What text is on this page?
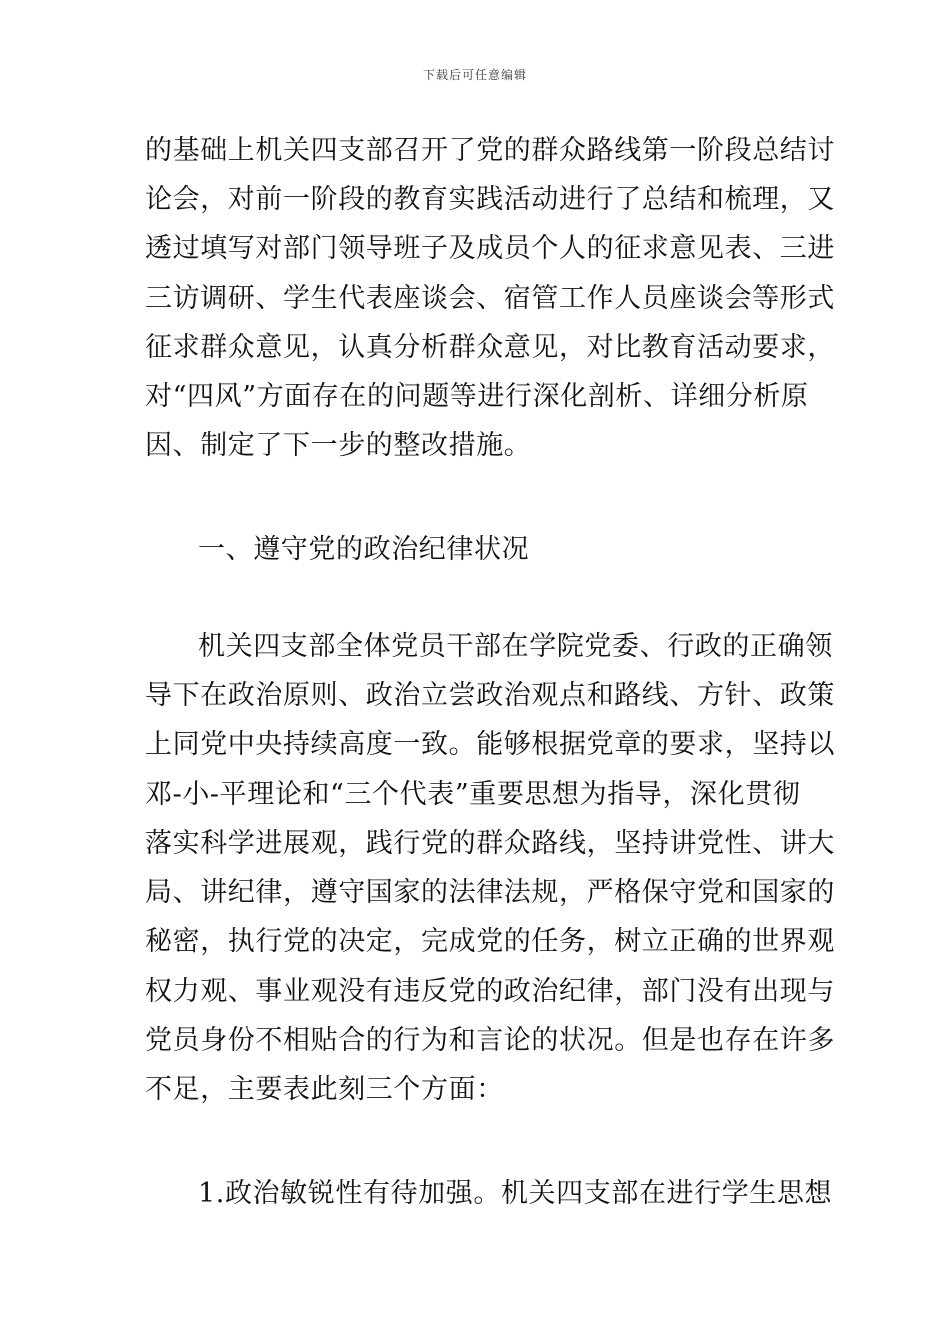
下载后可任意编辑
的基础上机关四支部召开了党的群众路线第一阶段总结讨
论会，对前一阶段的教育实践活动进行了总结和梳理，又
透过填写对部门领导班子及成员个人的征求意见表、三进
三访调研、学生代表座谈会、宿管工作人员座谈会等形式
征求群众意见，认真分析群众意见，对比教育活动要求，
对“四风”方面存在的问题等进行深化剖析、详细分析原
因、制定了下一步的整改措施。
一、遵守党的政治纪律状况
机关四支部全体党员干部在学院党委、行政的正确领
导下在政治原则、政治立尝政治观点和路线、方针、政策
上同党中央持续高度一致。能够根据党章的要求，坚持以
邓-小-平理论和“三个代表”重要思想为指导，深化贯彻
落实科学进展观，践行党的群众路线，坚持讲党性、讲大
局、讲纪律，遵守国家的法律法规，严格保守党和国家的
秘密，执行党的决定，完成党的任务，树立正确的世界观
权力观、事业观没有违反党的政治纪律，部门没有出现与
党员身份不相贴合的行为和言论的状况。但是也存在许多
不足，主要表此刻三个方面：
1.政治敏锐性有待加强。机关四支部在进行学生思想
